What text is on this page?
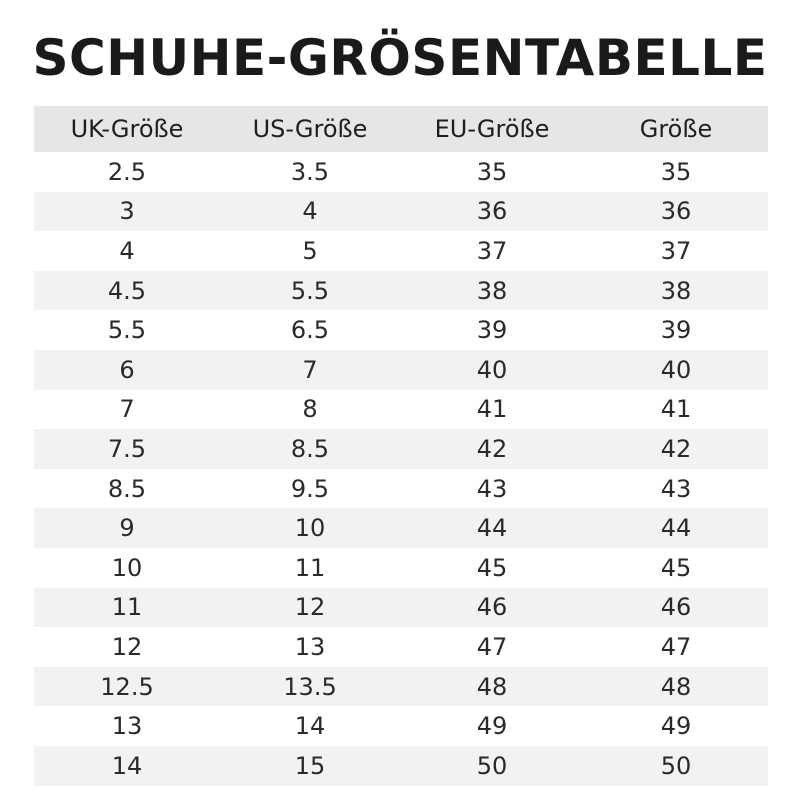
SCHUHE-GRÖSENTABELLE
UK-Größe	US-Größe	EU-Größe	Größe
2.5	3.5	35	35
3	4	36	36
4	5	37	37
4.5	5.5	38	38
5.5	6.5	39	39
6	7	40	40
7	8	41	41
7.5	8.5	42	42
8.5	9.5	43	43
9	10	44	44
10	11	45	45
11	12	46	46
12	13	47	47
12.5	13.5	48	48
13	14	49	49
14	15	50	50
